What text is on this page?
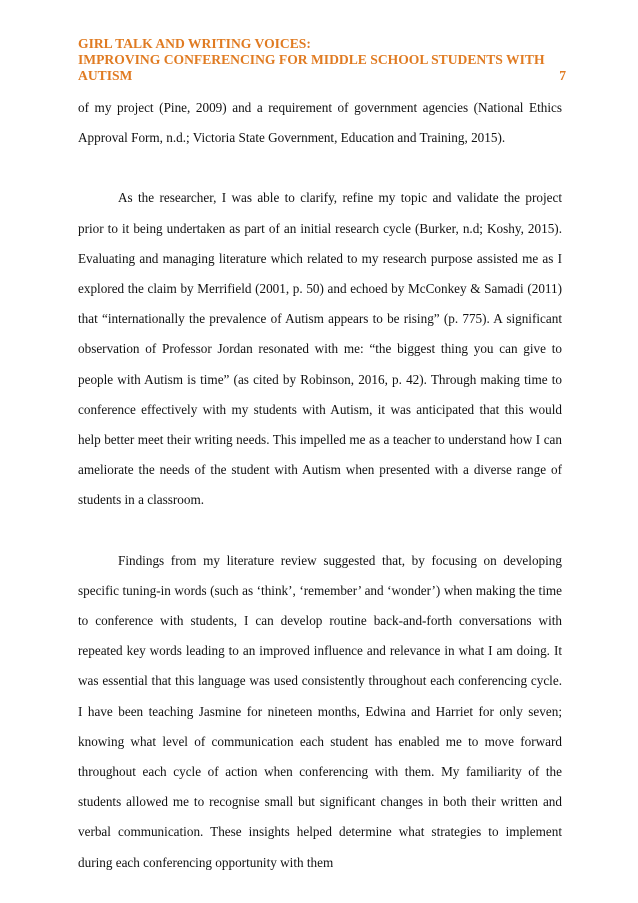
GIRL TALK AND WRITING VOICES:
IMPROVING CONFERENCING FOR MIDDLE SCHOOL STUDENTS WITH
AUTISM	7

of my project (Pine, 2009) and a requirement of government agencies (National Ethics Approval Form, n.d.; Victoria State Government, Education and Training, 2015).

As the researcher, I was able to clarify, refine my topic and validate the project prior to it being undertaken as part of an initial research cycle (Burker, n.d; Koshy, 2015). Evaluating and managing literature which related to my research purpose assisted me as I explored the claim by Merrifield (2001, p. 50) and echoed by McConkey & Samadi (2011) that “internationally the prevalence of Autism appears to be rising” (p. 775). A significant observation of Professor Jordan resonated with me: “the biggest thing you can give to people with Autism is time” (as cited by Robinson, 2016, p. 42). Through making time to conference effectively with my students with Autism, it was anticipated that this would help better meet their writing needs. This impelled me as a teacher to understand how I can ameliorate the needs of the student with Autism when presented with a diverse range of students in a classroom.

Findings from my literature review suggested that, by focusing on developing specific tuning-in words (such as ‘think’, ‘remember’ and ‘wonder’) when making the time to conference with students, I can develop routine back-and-forth conversations with repeated key words leading to an improved influence and relevance in what I am doing. It was essential that this language was used consistently throughout each conferencing cycle. I have been teaching Jasmine for nineteen months, Edwina and Harriet for only seven; knowing what level of communication each student has enabled me to move forward throughout each cycle of action when conferencing with them. My familiarity of the students allowed me to recognise small but significant changes in both their written and verbal communication. These insights helped determine what strategies to implement during each conferencing opportunity with them
